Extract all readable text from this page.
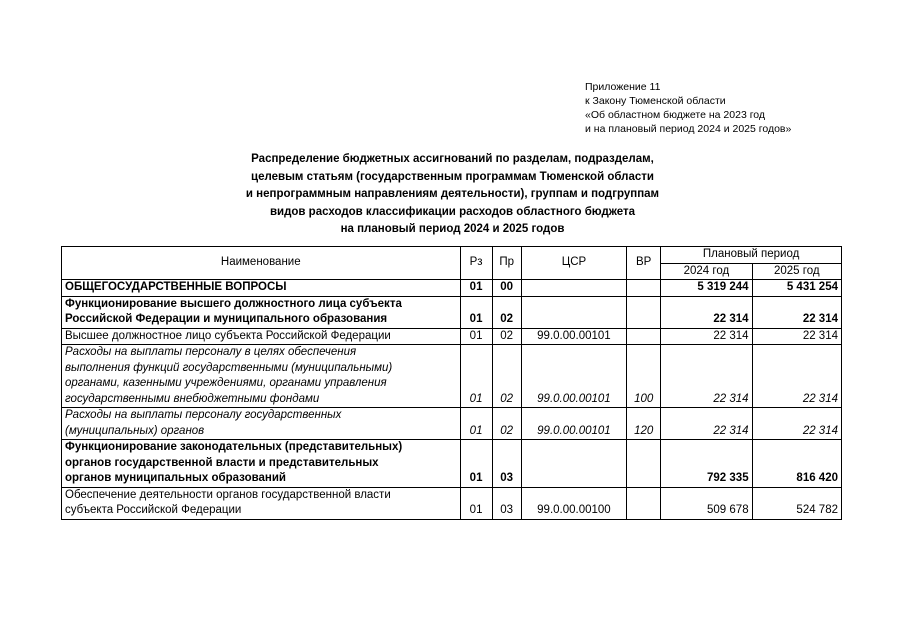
Приложение 11
к Закону Тюменской области
«Об областном бюджете на 2023 год
и на плановый период 2024 и 2025 годов»
Распределение бюджетных ассигнований по разделам, подразделам,
целевым статьям (государственным программам Тюменской области
и непрограммным направлениям деятельности), группам и подгруппам
видов расходов классификации расходов областного бюджета
на плановый период 2024 и 2025 годов
Наименование	Рз	Пр	ЦСР	ВР	Плановый период	
					2024 год	2025 год

ОБЩЕГОСУДАРСТВЕННЫЕ ВОПРОСЫ	01	00			5 319 244	5 431 254

Функционирование высшего должностного лица субъекта
Российской Федерации и муниципального образования	01	02			22 314	22 314

Высшее должностное лицо субъекта Российской Федерации	01	02	99.0.00.00101		22 314	22 314

Расходы на выплаты персоналу в целях обеспечения
выполнения функций государственными (муниципальными)
органами, казенными учреждениями, органами управления
государственными внебюджетными фондами	01	02	99.0.00.00101	100	22 314	22 314

Расходы на выплаты персоналу государственных
(муниципальных) органов	01	02	99.0.00.00101	120	22 314	22 314

Функционирование законодательных (представительных)
органов государственной власти и представительных
органов муниципальных образований	01	03			792 335	816 420

Обеспечение деятельности органов государственной власти
субъекта Российской Федерации	01	03	99.0.00.00100		509 678	524 782
